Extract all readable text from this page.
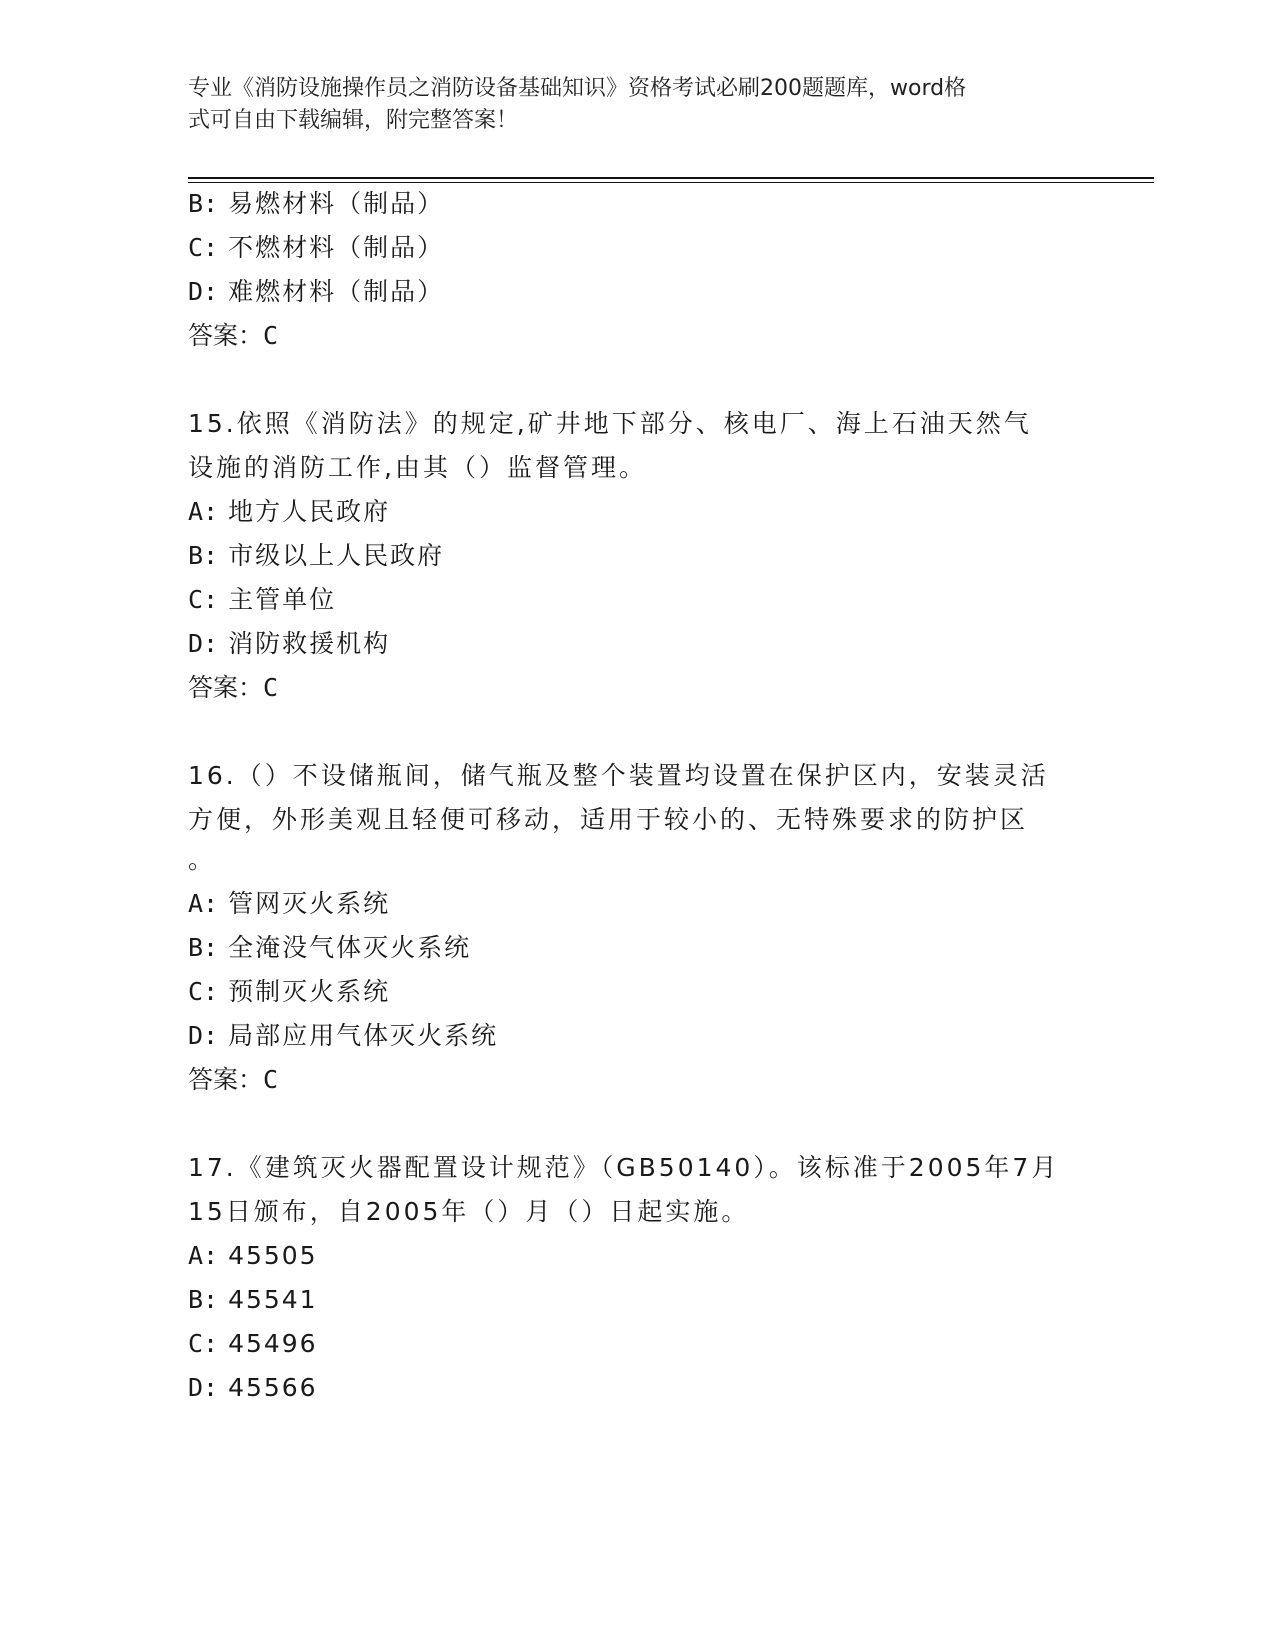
专业《消防设施操作员之消防设备基础知识》资格考试必刷200题题库，word格
式可自由下载编辑，附完整答案！
B: 易燃材料（制品）
C: 不燃材料（制品）
D: 难燃材料（制品）
答案：C
15.依照《消防法》的规定,矿井地下部分、核电厂、海上石油天然气
设施的消防工作,由其（）监督管理。
A: 地方人民政府
B: 市级以上人民政府
C: 主管单位
D: 消防救援机构
答案：C
16.（）不设储瓶间，储气瓶及整个装置均设置在保护区内，安装灵活
方便，外形美观且轻便可移动，适用于较小的、无特殊要求的防护区
。
A: 管网灭火系统
B: 全淹没气体灭火系统
C: 预制灭火系统
D: 局部应用气体灭火系统
答案：C
17.《建筑灭火器配置设计规范》（GB50140）。该标准于2005年7月
15日颁布，自2005年（）月（）日起实施。
A: 45505
B: 45541
C: 45496
D: 45566
